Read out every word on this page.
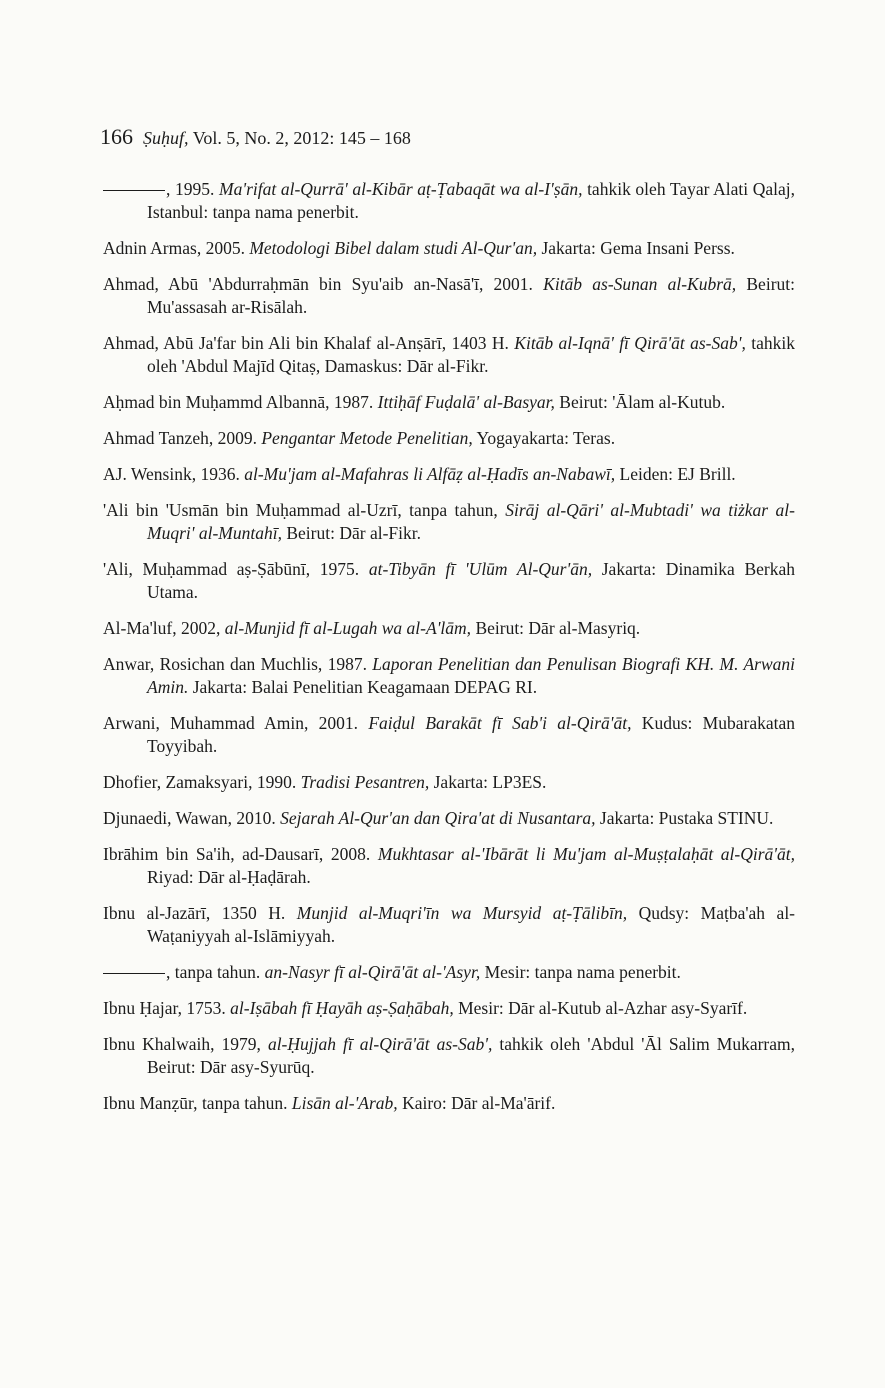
166 Ṣuḥuf, Vol. 5, No. 2, 2012: 145 – 168
, 1995. Ma'rifat al-Qurrā' al-Kibār aṭ-Ṭabaqāt wa al-I'ṣān, tahkik oleh Tayar Alati Qalaj, Istanbul: tanpa nama penerbit.
Adnin Armas, 2005. Metodologi Bibel dalam studi Al-Qur'an, Jakarta: Gema Insani Perss.
Ahmad, Abū 'Abdurraḥmān bin Syu'aib an-Nasā'ī, 2001. Kitāb as-Sunan al-Kubrā, Beirut: Mu'assasah ar-Risālah.
Ahmad, Abū Ja'far bin Ali bin Khalaf al-Anṣārī, 1403 H. Kitāb al-Iqnā' fī Qirā'āt as-Sab', tahkik oleh 'Abdul Majīd Qitaṣ, Damaskus: Dār al-Fikr.
Aḥmad bin Muḥammd Albannā, 1987. Ittiḥāf Fuḍalā' al-Basyar, Beirut: 'Ālam al-Kutub.
Ahmad Tanzeh, 2009. Pengantar Metode Penelitian, Yogayakarta: Teras.
AJ. Wensink, 1936. al-Mu'jam al-Mafahras li Alfāẓ al-Ḥadīs an-Nabawī, Leiden: EJ Brill.
'Ali bin 'Usmān bin Muḥammad al-Uzrī, tanpa tahun, Sirāj al-Qāri' al-Mubtadi' wa tiżkar al-Muqri' al-Muntahī, Beirut: Dār al-Fikr.
'Ali, Muḥammad aṣ-Ṣābūnī, 1975. at-Tibyān fī 'Ulūm Al-Qur'ān, Jakarta: Dinamika Berkah Utama.
Al-Ma'luf, 2002, al-Munjid fī al-Lugah wa al-A'lām, Beirut: Dār al-Masyriq.
Anwar, Rosichan dan Muchlis, 1987. Laporan Penelitian dan Penulisan Biografi KH. M. Arwani Amin. Jakarta: Balai Penelitian Keagamaan DEPAG RI.
Arwani, Muhammad Amin, 2001. Faiḍul Barakāt fī Sab'i al-Qirā'āt, Kudus: Mubarakatan Toyyibah.
Dhofier, Zamaksyari, 1990. Tradisi Pesantren, Jakarta: LP3ES.
Djunaedi, Wawan, 2010. Sejarah Al-Qur'an dan Qira'at di Nusantara, Jakarta: Pustaka STINU.
Ibrāhim bin Sa'ih, ad-Dausarī, 2008. Mukhtasar al-'Ibārāt li Mu'jam al-Muṣṭalaḥāt al-Qirā'āt, Riyad: Dār al-Ḥaḍārah.
Ibnu al-Jazārī, 1350 H. Munjid al-Muqri'īn wa Mursyid aṭ-Ṭālibīn, Qudsy: Maṭba'ah al-Waṭaniyyah al-Islāmiyyah.
, tanpa tahun. an-Nasyr fī al-Qirā'āt al-'Asyr, Mesir: tanpa nama penerbit.
Ibnu Ḥajar, 1753. al-Iṣābah fī Ḥayāh aṣ-Ṣaḥābah, Mesir: Dār al-Kutub al-Azhar asy-Syarīf.
Ibnu Khalwaih, 1979, al-Ḥujjah fī al-Qirā'āt as-Sab', tahkik oleh 'Abdul 'Āl Salim Mukarram, Beirut: Dār asy-Syurūq.
Ibnu Manẓūr, tanpa tahun. Lisān al-'Arab, Kairo: Dār al-Ma'ārif.
